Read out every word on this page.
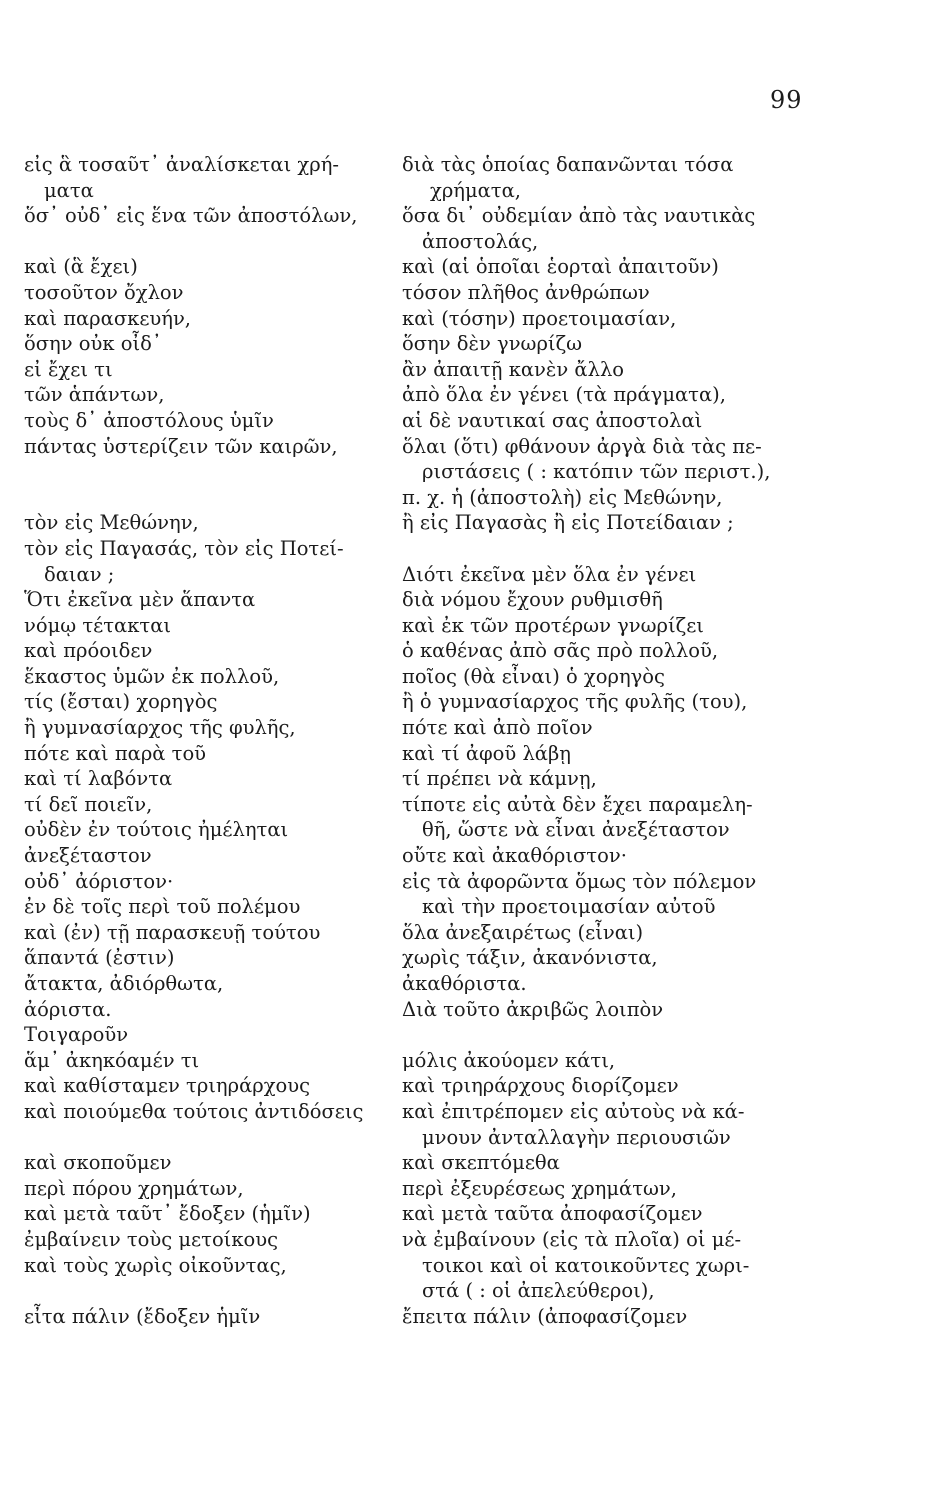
99
εἰς ἃ τοσαῦτ᾽ ἀναλίσκεται χρή-
ματα
ὅσ᾽ οὐδ᾽ εἰς ἕνα τῶν ἀποστόλων,
καὶ (ἃ ἔχει)
τοσοῦτον ὄχλον
καὶ παρασκευήν,
ὅσην οὐκ οἶδ᾽
εἰ ἔχει τι
τῶν ἁπάντων,
τοὺς δ᾽ ἀποστόλους ὑμῖν
πάντας ὑστερίζειν τῶν καιρῶν,
τὸν εἰς Μεθώνην,
τὸν εἰς Παγασάς, τὸν εἰς Ποτεί-
δαιαν ;
Ὅτι ἐκεῖνα μὲν ἅπαντα
νόμῳ τέτακται
καὶ πρόοιδεν
ἕκαστος ὑμῶν ἐκ πολλοῦ,
τίς (ἔσται) χορηγὸς
ἢ γυμνασίαρχος τῆς φυλῆς,
πότε καὶ παρὰ τοῦ
καὶ τί λαβόντα
τί δεῖ ποιεῖν,
οὐδὲν ἐν τούτοις ἠμέληται
ἀνεξέταστον
οὐδ᾽ ἀόριστον·
ἐν δὲ τοῖς περὶ τοῦ πολέμου
καὶ (ἐν) τῇ παρασκευῇ τούτου
ἅπαντά (ἐστιν)
ἄτακτα, ἀδιόρθωτα,
ἀόριστα.
Τοιγαροῦν
ἅμ᾽ ἀκηκόαμέν τι
καὶ καθίσταμεν τριηράρχους
καὶ ποιούμεθα τούτοις ἀντιδόσεις
καὶ σκοποῦμεν
περὶ πόρου χρημάτων,
καὶ μετὰ ταῦτ᾽ ἔδοξεν (ἡμῖν)
ἐμβαίνειν τοὺς μετοίκους
καὶ τοὺς χωρὶς οἰκοῦντας,
εἶτα πάλιν (ἔδοξεν ἡμῖν
διὰ τὰς ὁποίας δαπανῶνται τόσα
χρήματα,
ὅσα δι᾽ οὐδεμίαν ἀπὸ τὰς ναυτικὰς
ἀποστολάς,
καὶ (αἱ ὁποῖαι ἑορταὶ ἀπαιτοῦν)
τόσον πλῆθος ἀνθρώπων
καὶ (τόσην) προετοιμασίαν,
ὅσην δὲν γνωρίζω
ἂν ἀπαιτῇ κανὲν ἄλλο
ἀπὸ ὅλα ἐν γένει (τὰ πράγματα),
αἱ δὲ ναυτικαί σας ἀποστολαὶ
ὅλαι (ὅτι) φθάνουν ἀργὰ διὰ τὰς πε-
ριστάσεις ( : κατόπιν τῶν περιστ.),
π. χ. ἡ (ἀποστολὴ) εἰς Μεθώνην,
ἢ εἰς Παγασὰς ἢ εἰς Ποτείδαιαν ;
Διότι ἐκεῖνα μὲν ὅλα ἐν γένει
διὰ νόμου ἔχουν ρυθμισθῆ
καὶ ἐκ τῶν προτέρων γνωρίζει
ὁ καθένας ἀπὸ σᾶς πρὸ πολλοῦ,
ποῖος (θὰ εἶναι) ὁ χορηγὸς
ἢ ὁ γυμνασίαρχος τῆς φυλῆς (του),
πότε καὶ ἀπὸ ποῖον
καὶ τί ἀφοῦ λάβῃ
τί πρέπει νὰ κάμνῃ,
τίποτε εἰς αὐτὰ δὲν ἔχει παραμελη-
θῆ, ὥστε νὰ εἶναι ἀνεξέταστον
οὔτε καὶ ἀκαθόριστον·
εἰς τὰ ἀφορῶντα ὅμως τὸν πόλεμον
καὶ τὴν προετοιμασίαν αὐτοῦ
ὅλα ἀνεξαιρέτως (εἶναι)
χωρὶς τάξιν, ἀκανόνιστα,
ἀκαθόριστα.
Διὰ τοῦτο ἀκριβῶς λοιπὸν
μόλις ἀκούομεν κάτι,
καὶ τριηράρχους διορίζομεν
καὶ ἐπιτρέπομεν εἰς αὐτοὺς νὰ κά-
μνουν ἀνταλλαγὴν περιουσιῶν
καὶ σκεπτόμεθα
περὶ ἐξευρέσεως χρημάτων,
καὶ μετὰ ταῦτα ἀποφασίζομεν
νὰ ἐμβαίνουν (εἰς τὰ πλοῖα) οἱ μέ-
τοικοι καὶ οἱ κατοικοῦντες χωρι-
στά ( : οἱ ἀπελεύθεροι),
ἔπειτα πάλιν (ἀποφασίζομεν
